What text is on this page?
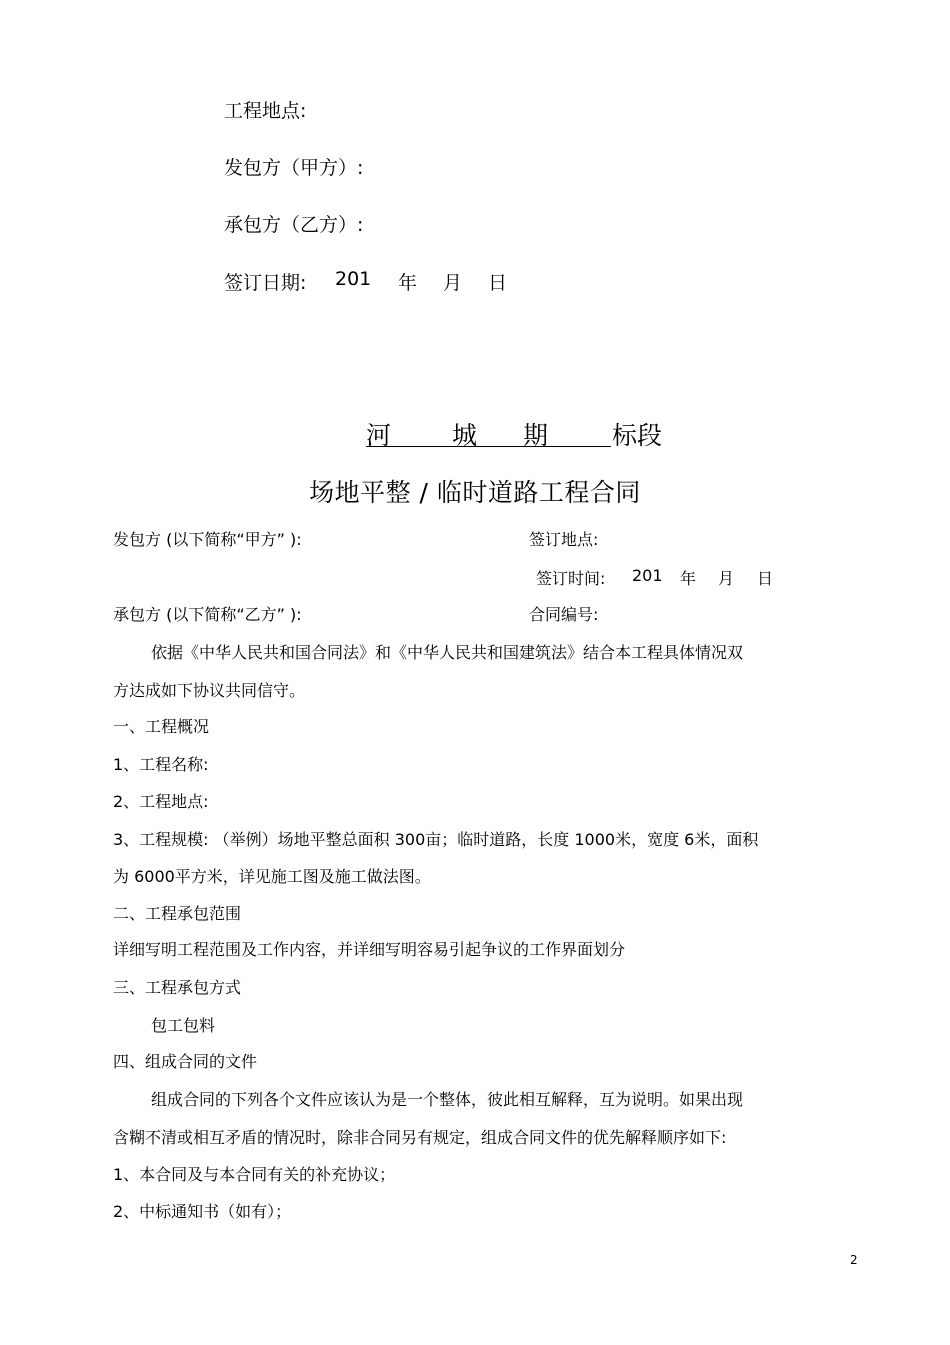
工程地点:
发包方（甲方）:
承包方（乙方）:
签订日期: 201 年 月 日
河 城 期	标段
场地平整 / 临时道路工程合同
发包方 (以下简称“甲方” ):	签订地点:
签订时间: 201 年 月 日
承包方 (以下简称“乙方” ):	合同编号:
依据《中华人民共和国合同法》和《中华人民共和国建筑法》结合本工程具体情况双
方达成如下协议共同信守。
一、工程概况
1、工程名称:
2、工程地点:
3、工程规模: （举例）场地平整总面积 300亩；临时道路，长度 1000米，宽度 6米，面积
为 6000平方米，详见施工图及施工做法图。
二、工程承包范围
详细写明工程范围及工作内容，并详细写明容易引起争议的工作界面划分
三、工程承包方式
包工包料
四、组成合同的文件
组成合同的下列各个文件应该认为是一个整体，彼此相互解释，互为说明。如果出现
含糊不清或相互矛盾的情况时，除非合同另有规定，组成合同文件的优先解释顺序如下:
1、本合同及与本合同有关的补充协议；
2、中标通知书（如有）；
2
